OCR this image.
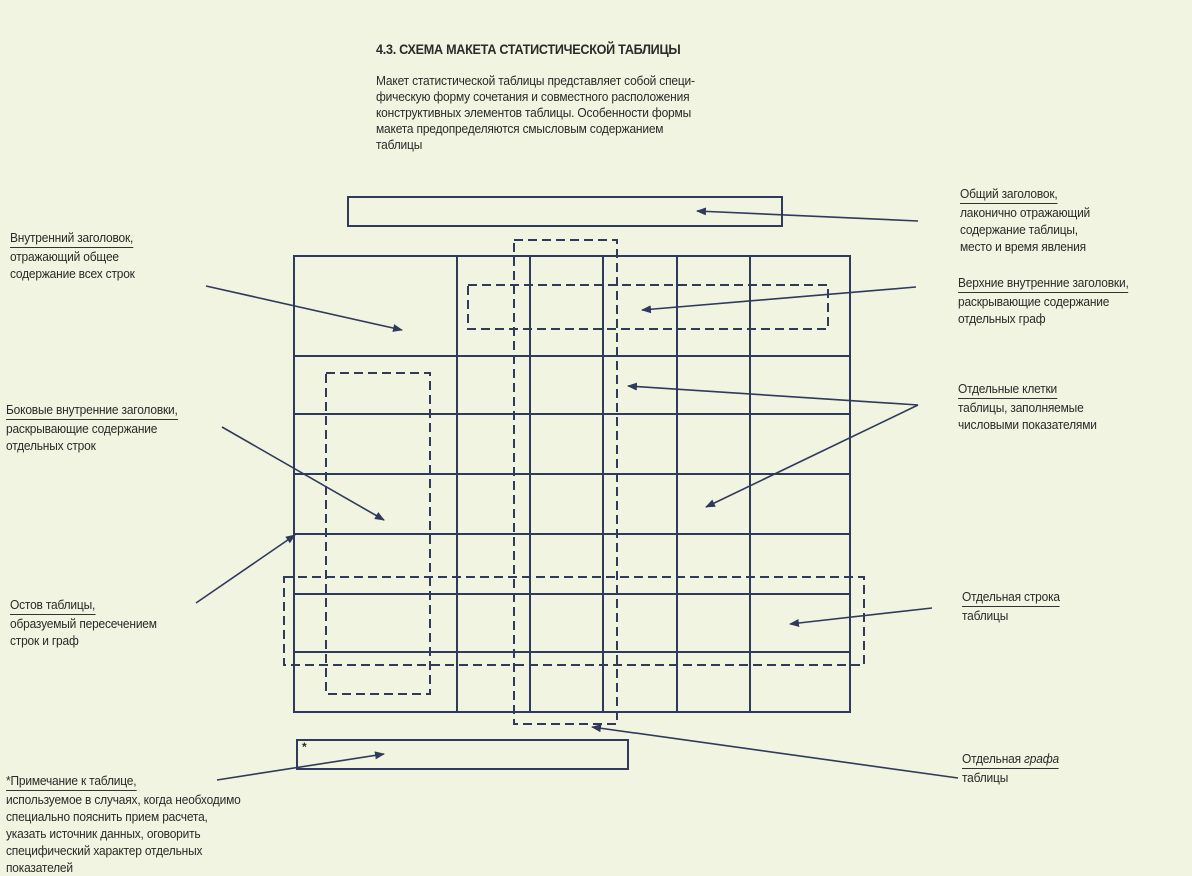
4.3. СХЕМА МАКЕТА СТАТИСТИЧЕСКОЙ ТАБЛИЦЫ
Макет статистической таблицы представляет собой специ-
фическую форму сочетания и совместного расположения
конструктивных элементов таблицы. Особенности формы
макета предопределяются смысловым содержанием
таблицы
Общий заголовок,
лаконично отражающий
содержание таблицы,
место и время явления
Верхние внутренние заголовки,
раскрывающие содержание
отдельных граф
Отдельные клетки
таблицы, заполняемые
числовыми показателями
Отдельная строка
таблицы
Отдельная графа
таблицы
Внутренний заголовок,
отражающий общее
содержание всех строк
Боковые внутренние заголовки,
раскрывающие содержание
отдельных строк
Остов таблицы,
образуемый пересечением
строк и граф
*Примечание к таблице,
используемое в случаях, когда необходимо
специально пояснить прием расчета,
указать источник данных, оговорить
специфический характер отдельных
показателей
*
